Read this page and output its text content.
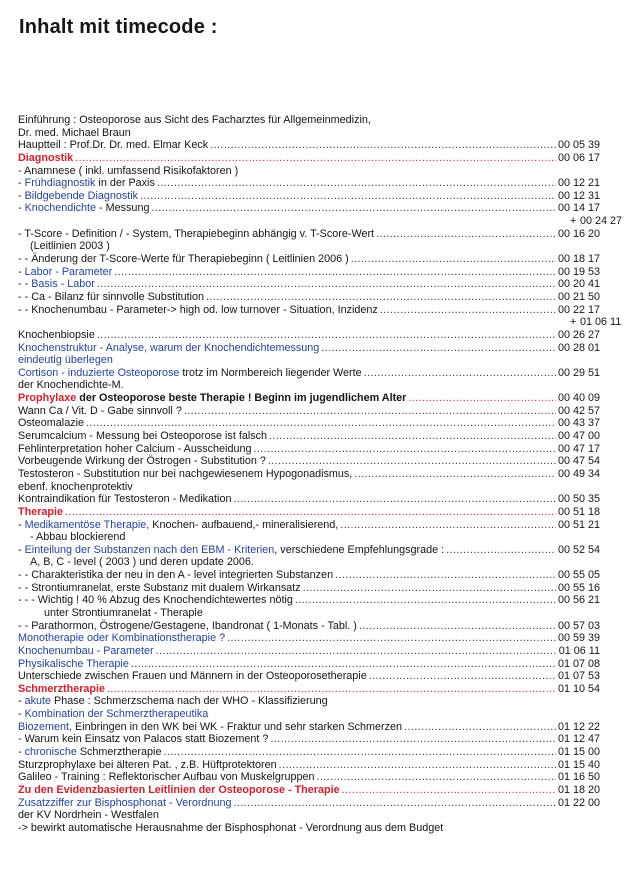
Inhalt mit timecode :
Einführung : Osteoporose aus Sicht des Facharztes für Allgemeinmedizin,
Dr. med. Michael Braun
Hauptteil : Prof.Dr. Dr. med. Elmar Keck .....	00 05 39
Diagnostik .....	00 06 17
- Anamnese ( inkl. umfassend Risikofaktoren )
- Frühdiagnostik in der Paxis .....	00 12 21
- Bildgebende Diagnostik .....	00 12 31
- Knochendichte - Messung .....	00 14 17
+ 00 24 27
- T-Score - Definition / - System, Therapiebeginn abhängig v. T-Score-Wert .....	00 16 20
(Leitlinien 2003 )
- - Änderung der T-Score-Werte für Therapiebeginn ( Leitlinien 2006 ) .....	00 18 17
- Labor - Parameter .....	00 19 53
- - Basis - Labor .....	00 20 41
- - Ca - Bilanz für sinnvolle Substitution .....	00 21 50
- - Knochenumbau - Parameter-> high od. low turnover - Situation, Inzidenz .....	00 22 17
+ 01 06 11
Knochenbiopsie .....	00 26 27
Knochenstruktur - Analyse, warum der Knochendichtemessung .....	00 28 01
eindeutig überlegen
Cortison - induzierte Osteoporose trotz im Normbereich liegender Werte .....	00 29 51
der Knochendichte-M.
Prophylaxe der Osteoporose beste Therapie ! Beginn im jugendlichem Alter .....	00 40 09
Wann Ca / Vit. D - Gabe sinnvoll ? .....	00 42 57
Osteomalazie .....	00 43 37
Serumcalcium - Messung bei Osteoporose ist falsch .....	00 47 00
Fehlinterpretation hoher Calcium - Ausscheidung .....	00 47 17
Vorbeugende Wirkung der Östrogen - Substitution ? .....	00 47 54
Testosteron - Substitution nur bei nachgewiesenem Hypogonadismus, .....	00 49 34
ebenf. knochenprotektiv
Kontraindikation für Testosteron - Medikation .....	00 50 35
Therapie .....	00 51 18
- Medikamentöse Therapie, Knochen- aufbauend,- mineralisierend, .....	00 51 21
- Abbau blockierend
- Einteilung der Substanzen nach den EBM - Kriterien, verschiedene Empfehlungsgrade : .....	00 52 54
A, B, C - level ( 2003 ) und deren update 2006.
- - Charakteristika der neu in den A - level integrierten Substanzen .....	00 55 05
- - Strontiumranelat, erste Substanz mit dualem Wirkansatz .....	00 55 16
- - - Wichtig ! 40 % Abzug des Knochendichtewertes nötig .....	00 56 21
unter Strontiumranelat - Therapie
- - Parathormon, Östrogene/Gestagene, Ibandronat ( 1-Monats - Tabl. ) .....	00 57 03
Monotherapie oder Kombinationstherapie ? .....	00 59 39
Knochenumbau - Parameter .....	01 06 11
Physikalische Therapie .....	01 07 08
Unterschiede zwischen Frauen und Männern in der Osteoporosetherapie .....	01 07 53
Schmerztherapie .....	01 10 54
- akute Phase : Schmerzschema nach der WHO - Klassifizierung
- Kombination der Schmerztherapeutika
Biozement, Einbringen in den WK bei WK - Fraktur und sehr starken Schmerzen .....	01 12 22
- Warum kein Einsatz von Palacos statt Biozement ? .....	01 12 47
- chronische Schmerztherapie .....	01 15 00
Sturzprophylaxe bei älteren Pat. , z.B. Hüftprotektoren .....	01 15 40
Galileo - Training : Reflektorischer Aufbau von Muskelgruppen .....	01 16 50
Zu den Evidenzbasierten Leitlinien der Osteoporose - Therapie .....	01 18 20
Zusatzziffer zur Bisphosphonat - Verordnung .....	01 22 00
der KV Nordrhein - Westfalen
-> bewirkt automatische Herausnahme der Bisphosphonat - Verordnung aus dem Budget
